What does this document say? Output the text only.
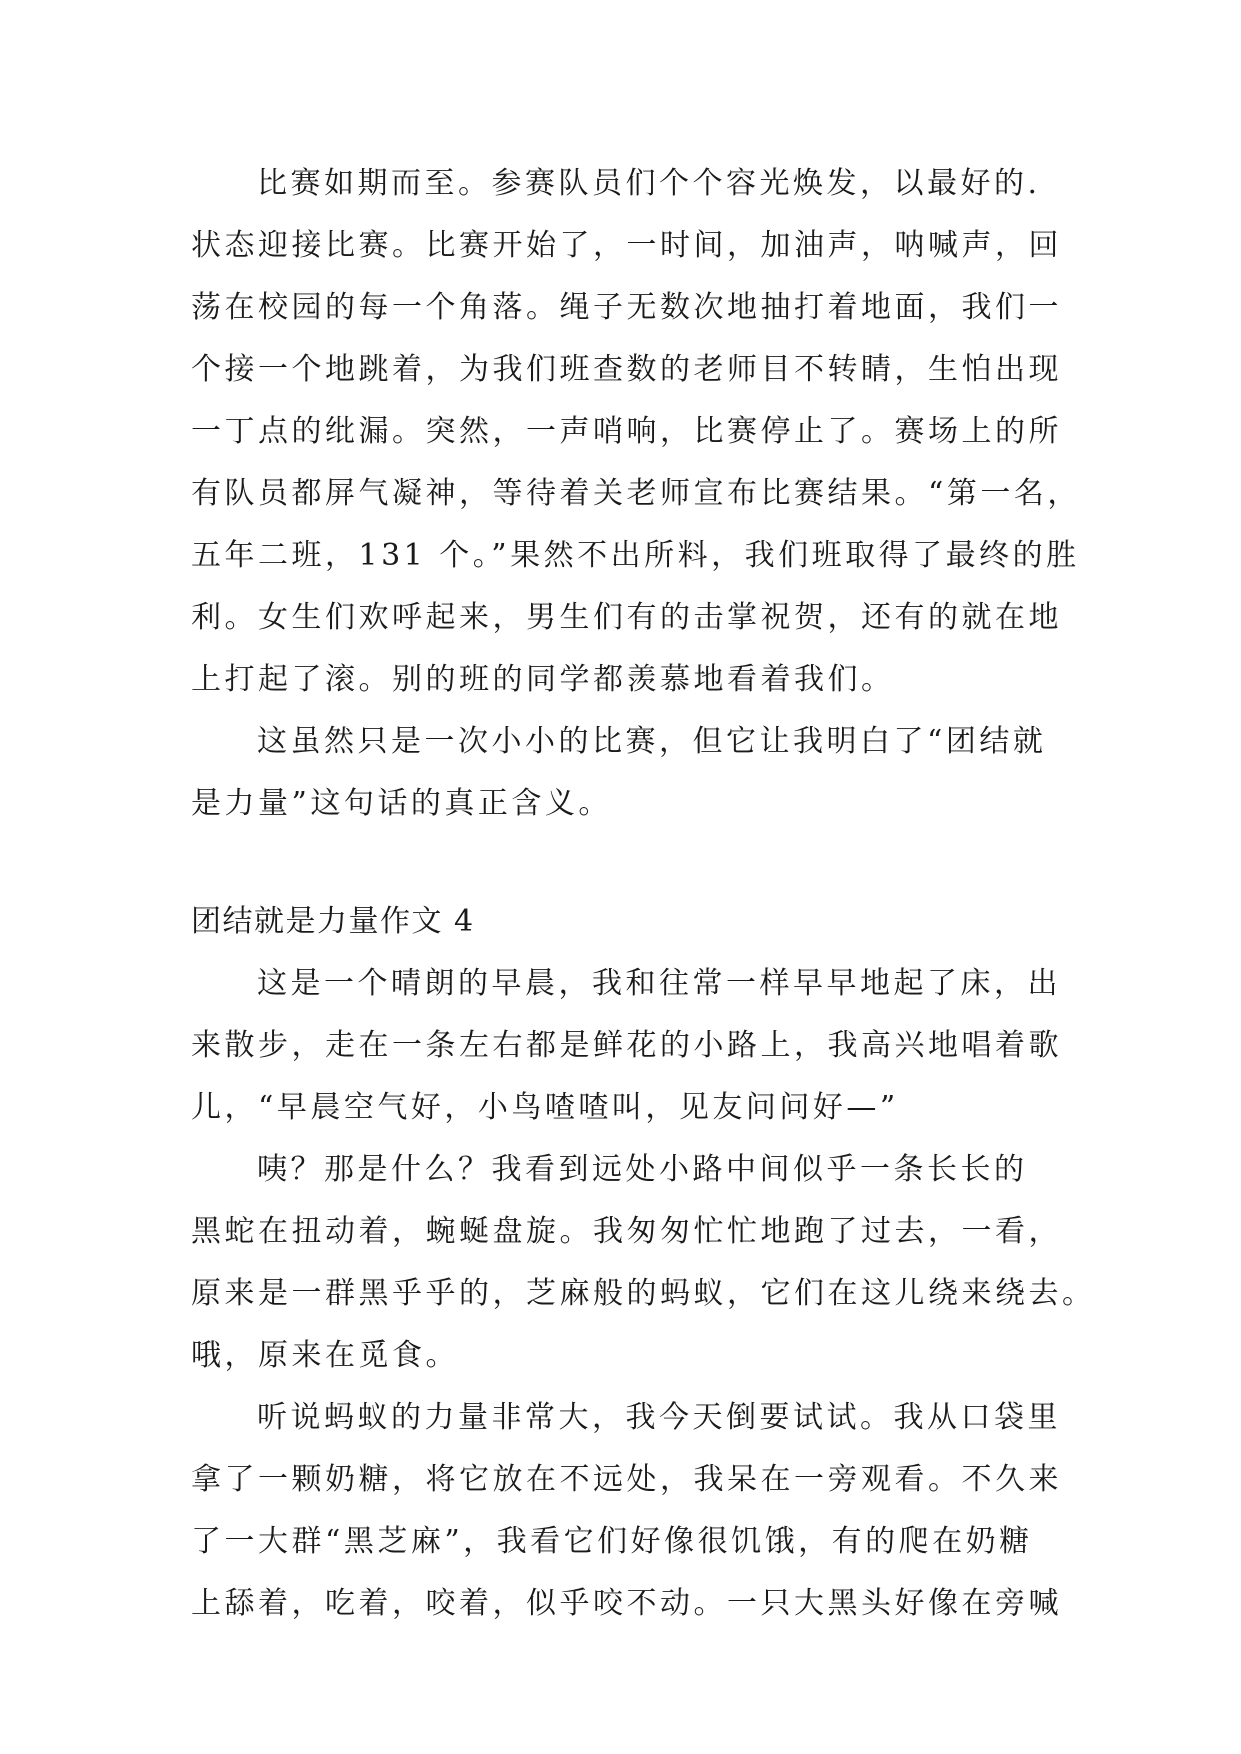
比赛如期而至。参赛队员们个个容光焕发，以最好的.
状态迎接比赛。比赛开始了，一时间，加油声，呐喊声，回
荡在校园的每一个角落。绳子无数次地抽打着地面，我们一
个接一个地跳着，为我们班查数的老师目不转睛，生怕出现
一丁点的纰漏。突然，一声哨响，比赛停止了。赛场上的所
有队员都屏气凝神，等待着关老师宣布比赛结果。“第一名，
五年二班，131 个。”果然不出所料，我们班取得了最终的胜
利。女生们欢呼起来，男生们有的击掌祝贺，还有的就在地
上打起了滚。别的班的同学都羡慕地看着我们。
这虽然只是一次小小的比赛，但它让我明白了“团结就
是力量”这句话的真正含义。
团结就是力量作文 4
这是一个晴朗的早晨，我和往常一样早早地起了床，出
来散步，走在一条左右都是鲜花的小路上，我高兴地唱着歌
儿，“早晨空气好，小鸟喳喳叫，见友问问好—”
咦？那是什么？我看到远处小路中间似乎一条长长的
黑蛇在扭动着，蜿蜒盘旋。我匆匆忙忙地跑了过去，一看，
原来是一群黑乎乎的，芝麻般的蚂蚁，它们在这儿绕来绕去。
哦，原来在觅食。
听说蚂蚁的力量非常大，我今天倒要试试。我从口袋里
拿了一颗奶糖，将它放在不远处，我呆在一旁观看。不久来
了一大群“黑芝麻”，我看它们好像很饥饿，有的爬在奶糖
上舔着，吃着，咬着，似乎咬不动。一只大黑头好像在旁喊
